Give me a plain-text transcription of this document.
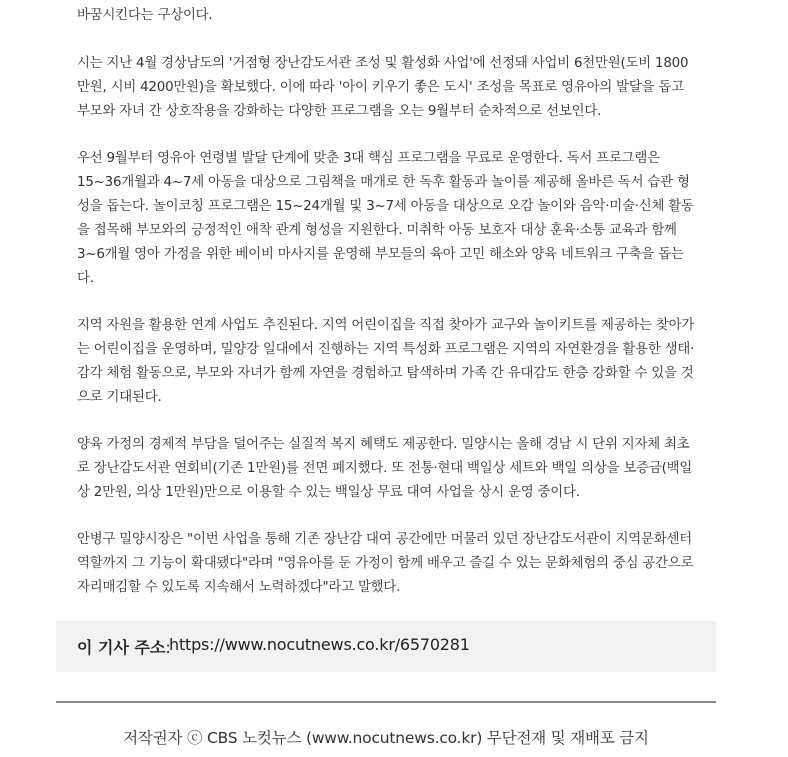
바꿈시킨다는 구상이다.

시는 지난 4월 경상남도의 '거점형 장난감도서관 조성 및 활성화 사업'에 선정돼 사업비 6천만원(도비 1800만원, 시비 4200만원)을 확보했다. 이에 따라 '아이 키우기 좋은 도시' 조성을 목표로 영유아의 발달을 돕고 부모와 자녀 간 상호작용을 강화하는 다양한 프로그램을 오는 9월부터 순차적으로 선보인다.

우선 9월부터 영유아 연령별 발달 단계에 맞춘 3대 핵심 프로그램을 무료로 운영한다. 독서 프로그램은 15~36개월과 4~7세 아동을 대상으로 그림책을 매개로 한 독후 활동과 놀이를 제공해 올바른 독서 습관 형성을 돕는다. 놀이코칭 프로그램은 15~24개월 및 3~7세 아동을 대상으로 오감 놀이와 음악·미술·신체 활동을 접목해 부모와의 긍정적인 애착 관계 형성을 지원한다. 미취학 아동 보호자 대상 훈육·소통 교육과 함께 3~6개월 영아 가정을 위한 베이비 마사지를 운영해 부모들의 육아 고민 해소와 양육 네트워크 구축을 돕는다.

지역 자원을 활용한 연계 사업도 추진된다. 지역 어린이집을 직접 찾아가 교구와 놀이키트를 제공하는 찾아가는 어린이집을 운영하며, 밀양강 일대에서 진행하는 지역 특성화 프로그램은 지역의 자연환경을 활용한 생태·감각 체험 활동으로, 부모와 자녀가 함께 자연을 경험하고 탐색하며 가족 간 유대감도 한층 강화할 수 있을 것으로 기대된다.

양육 가정의 경제적 부담을 덜어주는 실질적 복지 혜택도 제공한다. 밀양시는 올해 경남 시 단위 지자체 최초로 장난감도서관 연회비(기존 1만원)를 전면 폐지했다. 또 전통·현대 백일상 세트와 백일 의상을 보증금(백일상 2만원, 의상 1만원)만으로 이용할 수 있는 백일상 무료 대여 사업을 상시 운영 중이다.

안병구 밀양시장은 "이번 사업을 통해 기존 장난감 대여 공간에만 머물러 있던 장난감도서관이 지역문화센터 역할까지 그 기능이 확대됐다"라며 "영유아를 둔 가정이 함께 배우고 즐길 수 있는 문화체험의 중심 공간으로 자리매김할 수 있도록 지속해서 노력하겠다"라고 말했다.

이 기사 주소:
https://www.nocutnews.co.kr/6570281
저작권자 ⓒ CBS 노컷뉴스 (www.nocutnews.co.kr) 무단전재 및 재배포 금지
